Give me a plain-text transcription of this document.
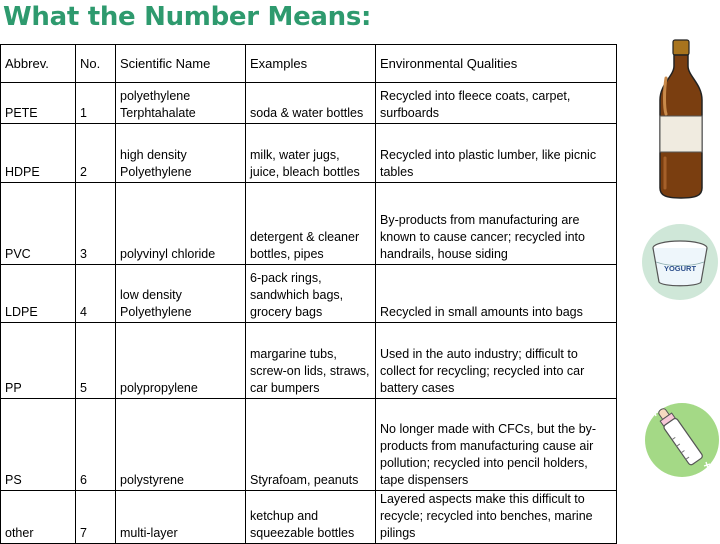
What the Number Means:
Abbrev.	No.	Scientific Name	Examples	Environmental Qualities
PETE	1	polyethylene Terphtahalate	soda & water bottles	Recycled into fleece coats, carpet, surfboards
HDPE	2	high density Polyethylene	milk, water jugs, juice, bleach bottles	Recycled into plastic lumber, like picnic tables
PVC	3	polyvinyl chloride	detergent & cleaner bottles, pipes	By-products from manufacturing are known to cause cancer; recycled into handrails, house siding
LDPE	4	low density Polyethylene	6-pack rings, sandwhich bags, grocery bags	Recycled in small amounts into bags
PP	5	polypropylene	margarine tubs, screw-on lids, straws, car bumpers	Used in the auto industry; difficult to collect for recycling; recycled into car battery cases
PS	6	polystyrene	Styrafoam, peanuts	No longer made with CFCs, but the by-products from manufacturing cause air pollution; recycled into pencil holders, tape dispensers
other	7	multi-layer	ketchup and squeezable bottles	Layered aspects make this difficult to recycle; recycled into benches, marine pilings
YOGURT
